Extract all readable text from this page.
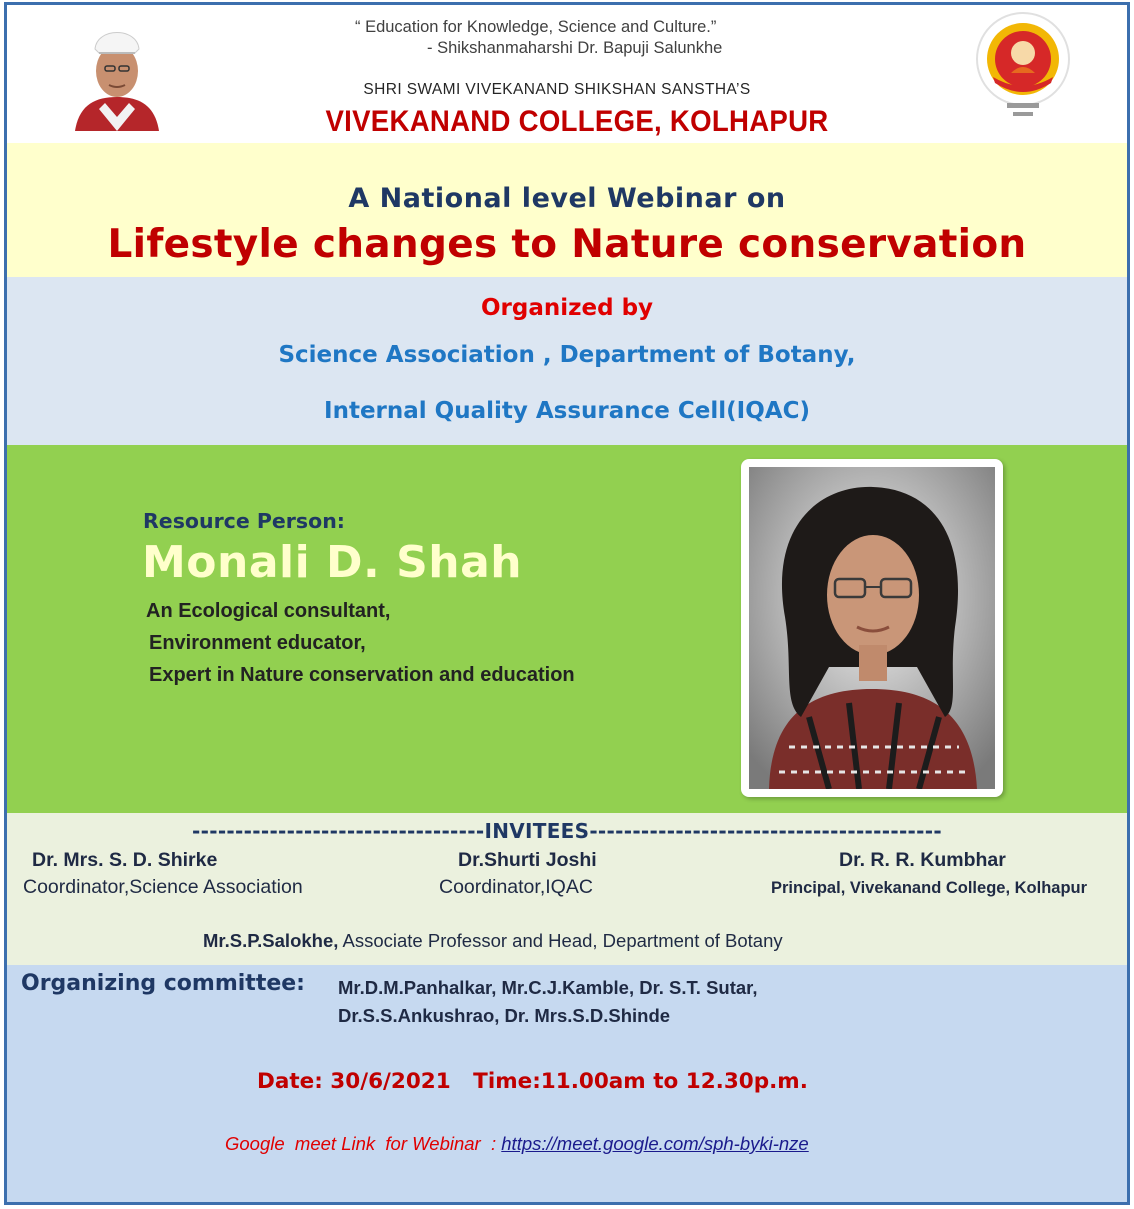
“ Education for Knowledge, Science and Culture.”
- Shikshanmaharshi Dr. Bapuji Salunkhe
SHRI SWAMI VIVEKANAND SHIKSHAN SANSTHA’S
VIVEKANAND COLLEGE, KOLHAPUR
A National level Webinar on
Lifestyle changes to Nature conservation
Organized by
Science Association , Department of Botany,
Internal Quality Assurance Cell(IQAC)
Resource Person:
Monali D. Shah
An Ecological consultant,
Environment educator,
Expert in Nature conservation and education
----------------------------------INVITEES-----------------------------------------
Dr. Mrs. S. D. Shirke
Coordinator,Science Association
Dr.Shurti Joshi
Coordinator,IQAC
Dr. R. R. Kumbhar
Principal, Vivekanand College, Kolhapur
Mr.S.P.Salokhe, Associate Professor and Head, Department of Botany
Organizing committee: Mr.D.M.Panhalkar, Mr.C.J.Kamble, Dr. S.T. Sutar,
Dr.S.S.Ankushrao, Dr. Mrs.S.D.Shinde
Date: 30/6/2021   Time:11.00am to 12.30p.m.
Google  meet Link  for Webinar  : https://meet.google.com/sph-byki-nze
